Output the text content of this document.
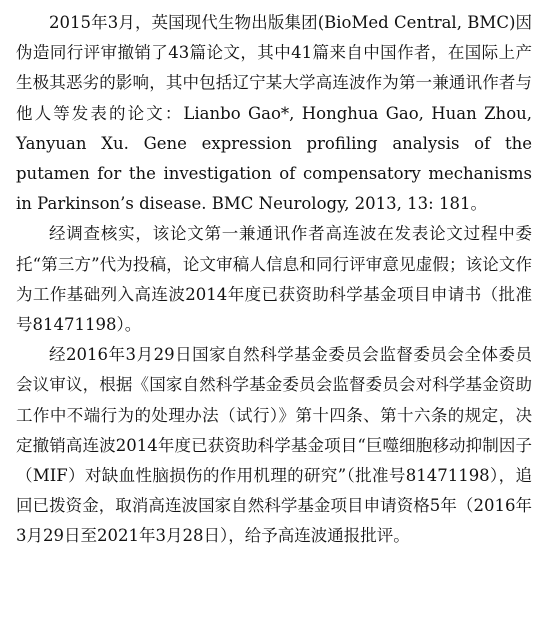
2015年3月，英国现代生物出版集团(BioMed Central, BMC)因伪造同行评审撤销了43篇论文，其中41篇来自中国作者，在国际上产生极其恶劣的影响，其中包括辽宁某大学高连波作为第一兼通讯作者与他人等发表的论文：Lianbo Gao*, Honghua Gao, Huan Zhou, Yanyuan Xu. Gene expression profiling analysis of the putamen for the investigation of compensatory mechanisms in Parkinson’s disease. BMC Neurology, 2013, 13: 181。

经调查核实，该论文第一兼通讯作者高连波在发表论文过程中委托“第三方”代为投稿，论文审稿人信息和同行评审意见虚假；该论文作为工作基础列入高连波2014年度已获资助科学基金项目申请书（批准号81471198）。

经2016年3月29日国家自然科学基金委员会监督委员会全体委员会议审议，根据《国家自然科学基金委员会监督委员会对科学基金资助工作中不端行为的处理办法（试行）》第十四条、第十六条的规定，决定撤销高连波2014年度已获资助科学基金项目“巨噬细胞移动抑制因子（MIF）对缺血性脑损伤的作用机理的研究”（批准号81471198），追回已拨资金，取消高连波国家自然科学基金项目申请资格5年（2016年3月29日至2021年3月28日），给予高连波通报批评。
